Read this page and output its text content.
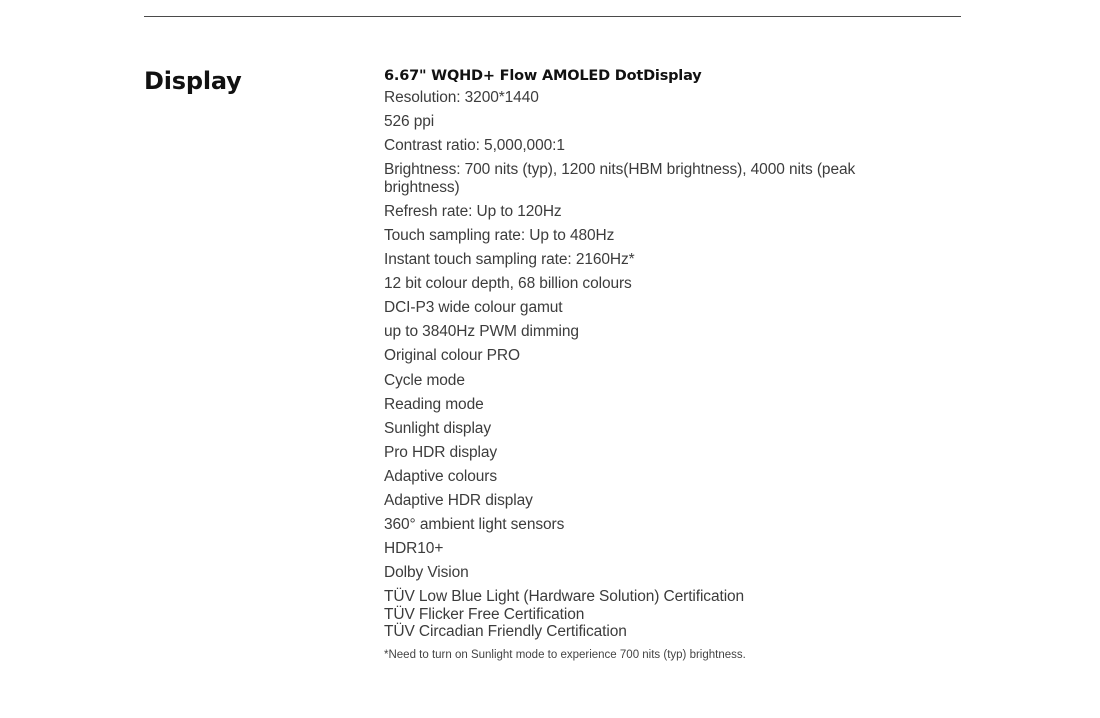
Display	6.67" WQHD+ Flow AMOLED DotDisplay
Resolution: 3200*1440
526 ppi
Contrast ratio: 5,000,000:1
Brightness: 700 nits (typ), 1200 nits(HBM brightness), 4000 nits (peak brightness)
Refresh rate: Up to 120Hz
Touch sampling rate: Up to 480Hz
Instant touch sampling rate: 2160Hz*
12 bit colour depth, 68 billion colours
DCI-P3 wide colour gamut
up to 3840Hz PWM dimming
Original colour PRO
Cycle mode
Reading mode
Sunlight display
Pro HDR display
Adaptive colours
Adaptive HDR display
360° ambient light sensors
HDR10+
Dolby Vision
TÜV Low Blue Light (Hardware Solution) Certification
TÜV Flicker Free Certification
TÜV Circadian Friendly Certification

*Need to turn on Sunlight mode to experience 700 nits (typ) brightness.
